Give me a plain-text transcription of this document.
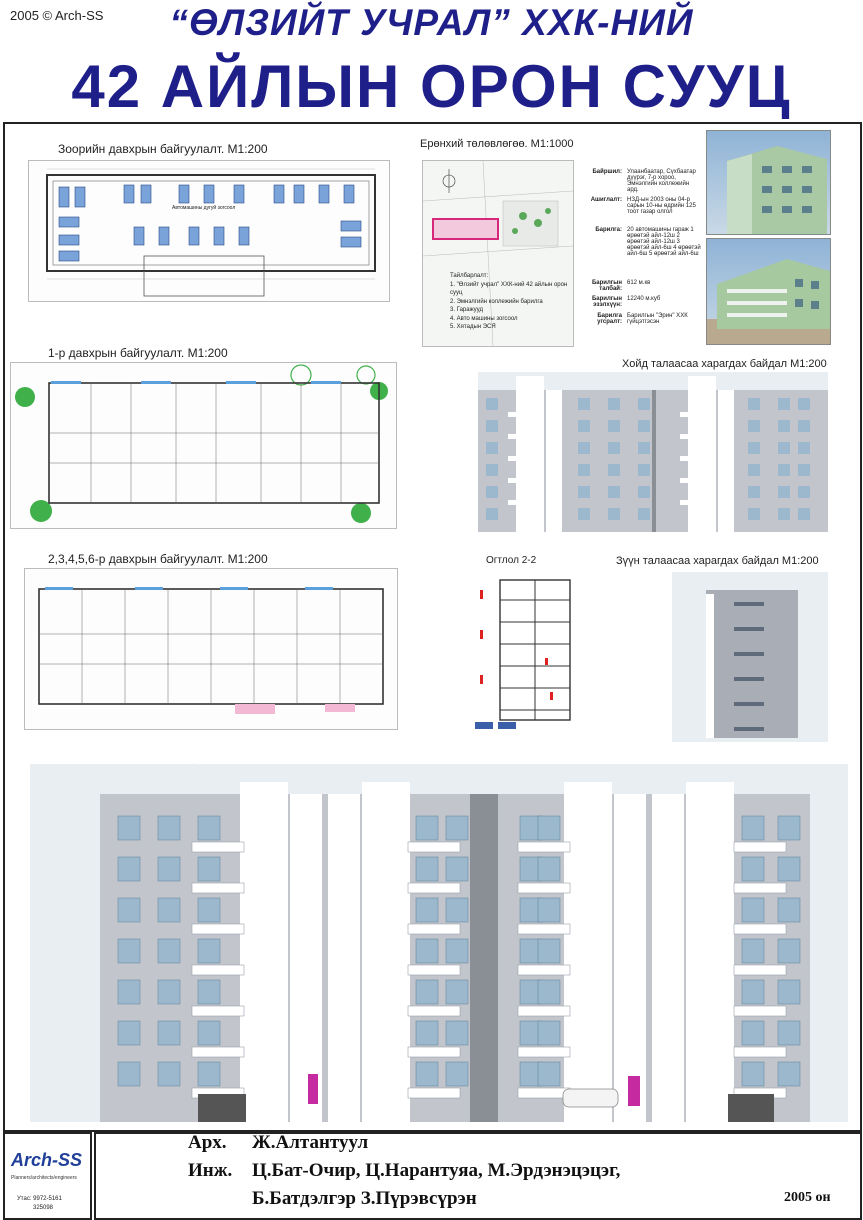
2005 © Arch-SS	“ӨЛЗИЙТ УЧРАЛ” ХХК-НИЙ
42 АЙЛЫН ОРОН СУУЦ
Зоорийн давхрын байгуулалт. M1:200
Автомашины дугуй зогсоол
Ерөнхий төлөвлөгөө. M1:1000
Тайлбарлалт:
1. "Өлзийт учрал" ХХК-ний 42 айлын орон сууц
2. Эмнэлгийн коллежийн барилга
3. Гаражууд
4. Авто машины зогсоол
5. Хятадын ЭСЯ
Байршил: Улаанбаатар, Сүхбаатар дүүрэг, 7-р хороо, Эмнэлгийн коллежийн ард.
Ашиглалт: НЗД-ын 2003 оны 04-р сарын 10-ны өдрийн 125 тоот газар олгол
Барилга: 20 автомашины гараж 1 өрөөтэй айл-12ш 2 өрөөтэй айл-12ш 3 өрөөтэй айл-6ш 4 өрөөтэй айл-6ш 5 өрөөтэй айл-6ш
Барилгын талбай:
612 м.кв
Барилгын эзэлхүүн:
12240 м.куб
Барилга угсралт:
Барилгын "Эрин" ХХК гүйцэтгэсэн
1-р давхрын байгуулалт. M1:200
Хойд талаасаа харагдах байдал M1:200
2,3,4,5,6-р давхрын байгуулалт. M1:200	Огтлол 2-2	Зүүн талаасаа харагдах байдал M1:200
Arch-SS
Planners/architects/engineers
Утас: 9972-5161
325098
Арх. Ж.Алтантуул
Инж. Ц.Бат-Очир, Ц.Нарантуяа, М.Эрдэнэцэцэг,
Б.Батдэлгэр З.Пүрэвсүрэн	2005 он
